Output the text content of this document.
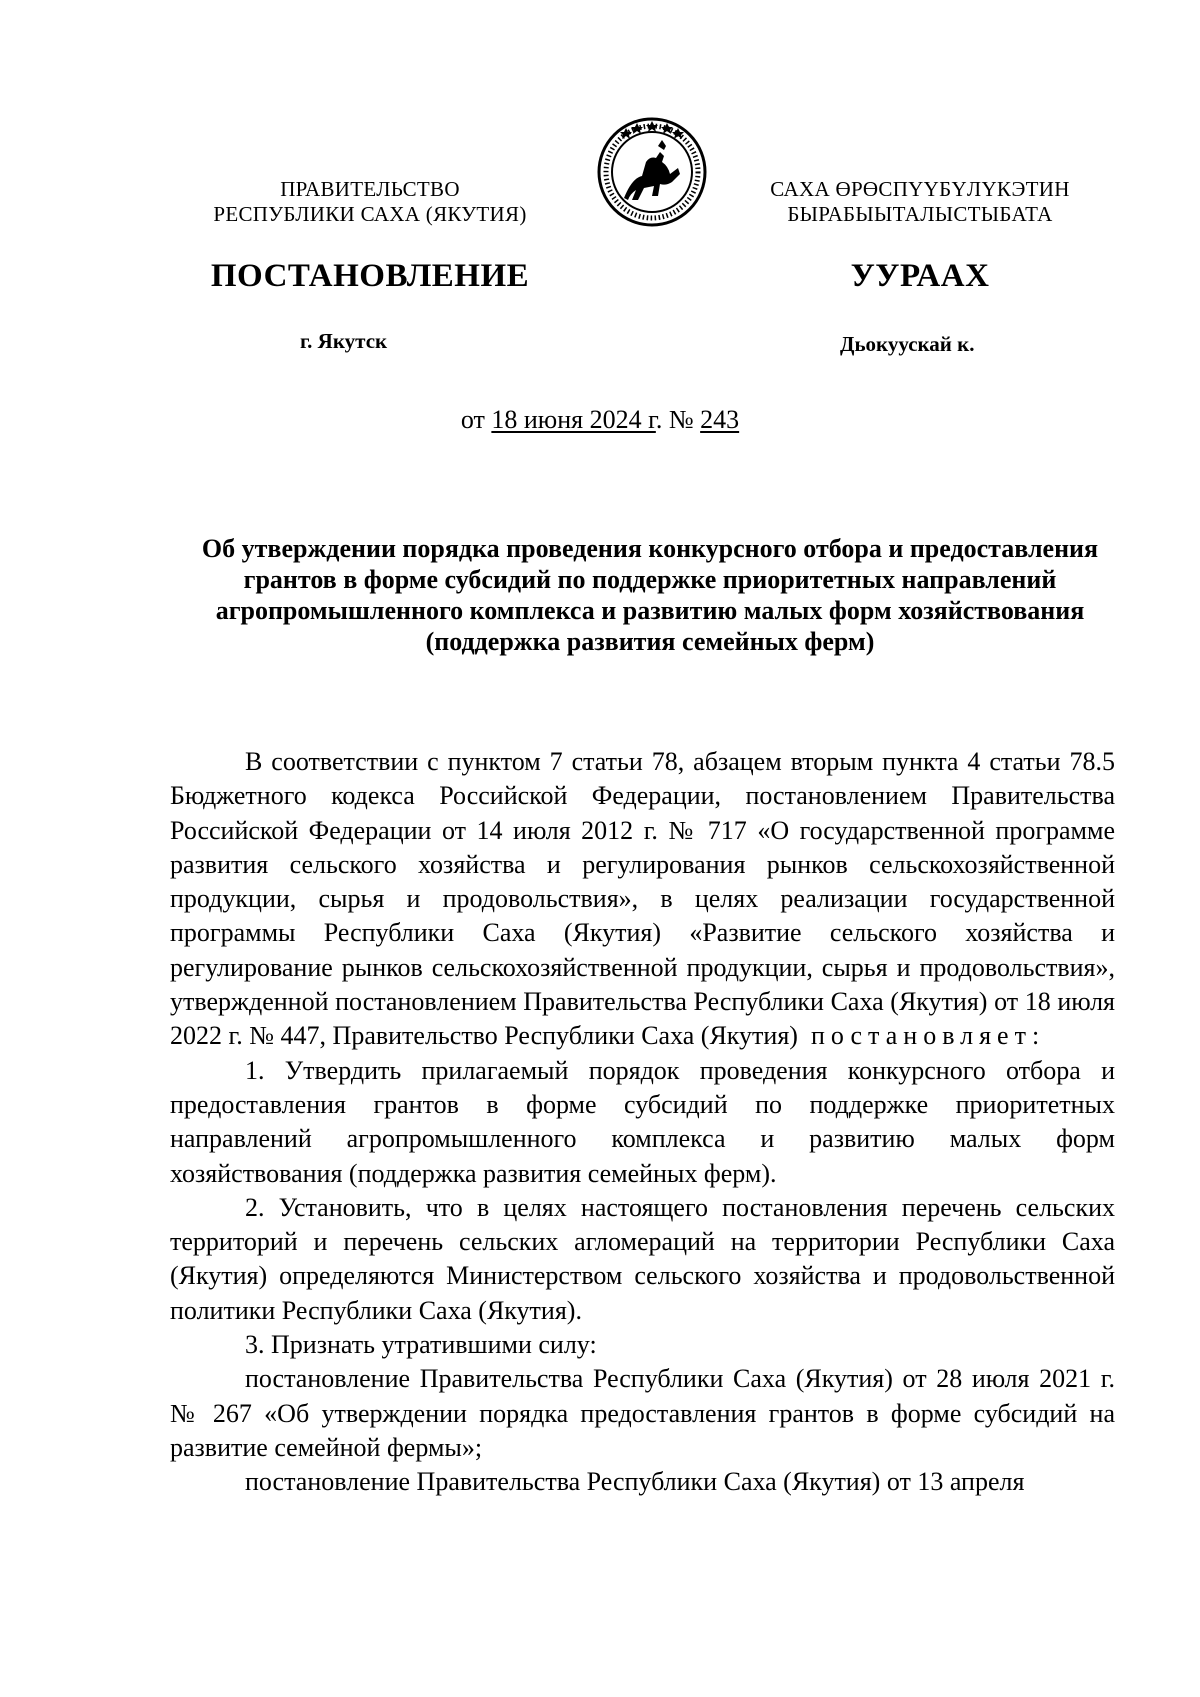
ПРАВИТЕЛЬСТВО
РЕСПУБЛИКИ САХА (ЯКУТИЯ)
САХА ӨРӨСПҮҮБҮЛҮКЭТИН
БЫРАБЫЫТАЛЫСТЫБАТА
ПОСТАНОВЛЕНИЕ	УУРААХ
г. Якутск	Дьокуускай к.
от 18 июня 2024 г. № 243
Об утверждении порядка проведения конкурсного отбора и предоставления грантов в форме субсидий по поддержке приоритетных направлений агропромышленного комплекса и развитию малых форм хозяйствования (поддержка развития семейных ферм)

В соответствии с пунктом 7 статьи 78, абзацем вторым пункта 4 статьи 78.5 Бюджетного кодекса Российской Федерации, постановлением Правительства Российской Федерации от 14 июля 2012 г. № 717 «О государственной программе развития сельского хозяйства и регулирования рынков сельскохозяйственной продукции, сырья и продовольствия», в целях реализации государственной программы Республики Саха (Якутия) «Развитие сельского хозяйства и регулирование рынков сельскохозяйственной продукции, сырья и продовольствия», утвержденной постановлением Правительства Республики Саха (Якутия) от 18 июля 2022 г. № 447, Правительство Республики Саха (Якутия) постановляет:

1. Утвердить прилагаемый порядок проведения конкурсного отбора и предоставления грантов в форме субсидий по поддержке приоритетных направлений агропромышленного комплекса и развитию малых форм хозяйствования (поддержка развития семейных ферм).

2. Установить, что в целях настоящего постановления перечень сельских территорий и перечень сельских агломераций на территории Республики Саха (Якутия) определяются Министерством сельского хозяйства и продовольственной политики Республики Саха (Якутия).

3. Признать утратившими силу:

постановление Правительства Республики Саха (Якутия) от 28 июля 2021 г. № 267 «Об утверждении порядка предоставления грантов в форме субсидий на развитие семейной фермы»;

постановление Правительства Республики Саха (Якутия) от 13 апреля
